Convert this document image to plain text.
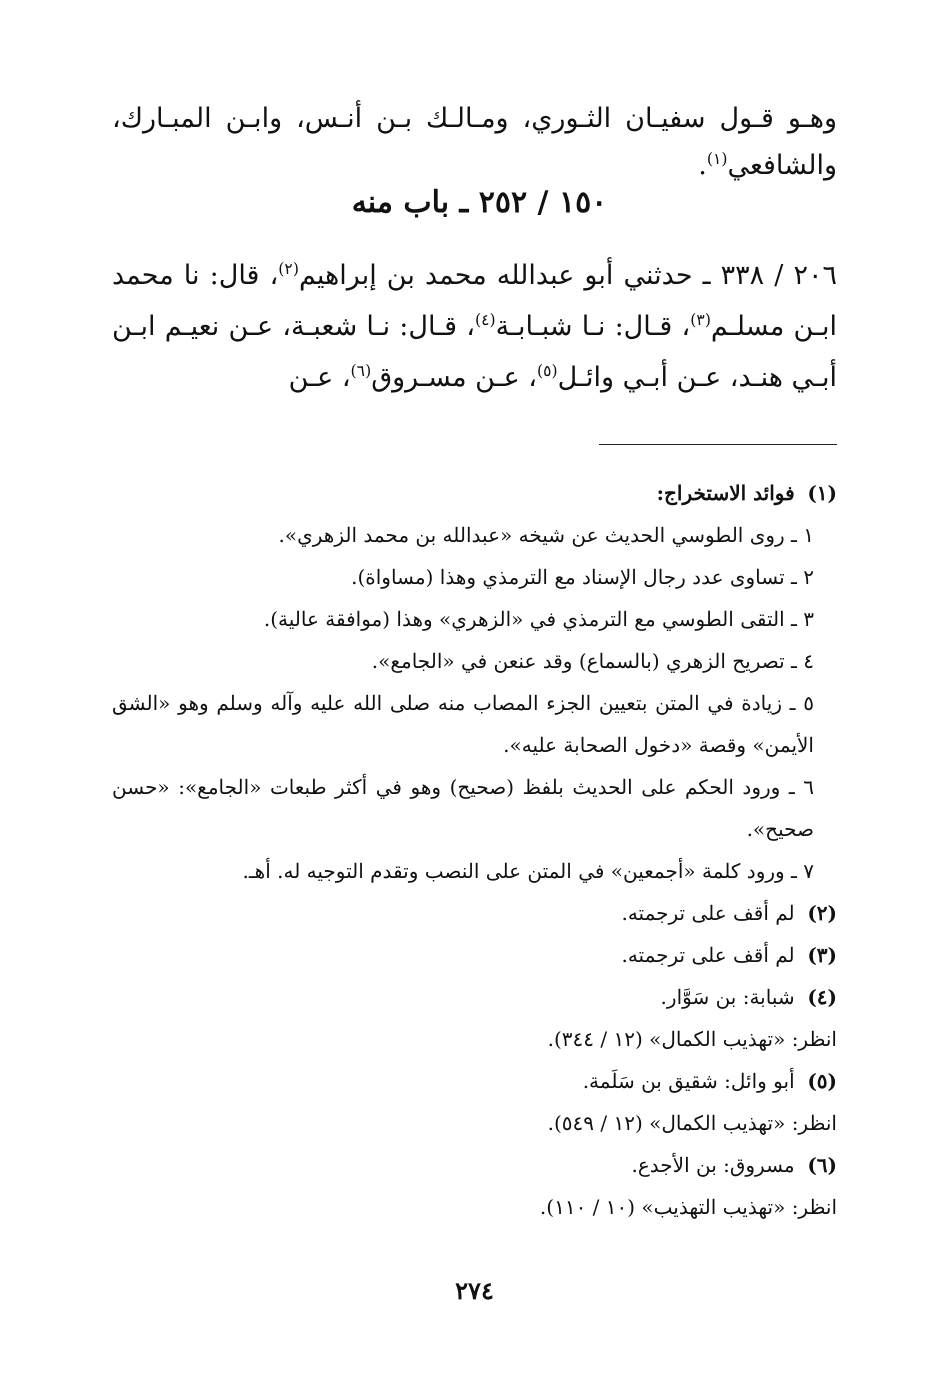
وهـو قـول سفيـان الثـوري، ومـالـك بـن أنـس، وابـن المبـارك، والشافعي$^{(١)}$.

١٥٠ / ٢٥٢ ـ باب منه

٢٠٦ / ٣٣٨ ـ حدثني أبو عبدالله محمد بن إبراهيم$^{(٢)}$، قال: نا محمد ابـن مسلـم$^{(٣)}$، قـال: نـا شبـابـة$^{(٤)}$، قـال: نـا شعبـة، عـن نعيـم ابـن أبـي هنـد، عـن أبـي وائـل$^{(٥)}$، عـن مسـروق$^{(٦)}$، عـن

(١) فوائد الاستخراج:
١ ـ روى الطوسي الحديث عن شيخه «عبدالله بن محمد الزهري».
٢ ـ تساوى عدد رجال الإسناد مع الترمذي وهذا (مساواة).
٣ ـ التقى الطوسي مع الترمذي في «الزهري» وهذا (موافقة عالية).
٤ ـ تصريح الزهري (بالسماع) وقد عنعن في «الجامع».
٥ ـ زيادة في المتن بتعيين الجزء المصاب منه صلى الله عليه وآله وسلم وهو «الشق الأيمن» وقصة «دخول الصحابة عليه».
٦ ـ ورود الحكم على الحديث بلفظ (صحيح) وهو في أكثر طبعات «الجامع»: «حسن صحيح».
٧ ـ ورود كلمة «أجمعين» في المتن على النصب وتقدم التوجيه له. أهـ.
(٢) لم أقف على ترجمته.
(٣) لم أقف على ترجمته.
(٤) شبابة: بن سَوَّار.
انظر: «تهذيب الكمال» (١٢ / ٣٤٤).
(٥) أبو وائل: شقيق بن سَلَمة.
انظر: «تهذيب الكمال» (١٢ / ٥٤٩).
(٦) مسروق: بن الأجدع.
انظر: «تهذيب التهذيب» (١٠ / ١١٠).
٢٧٤
